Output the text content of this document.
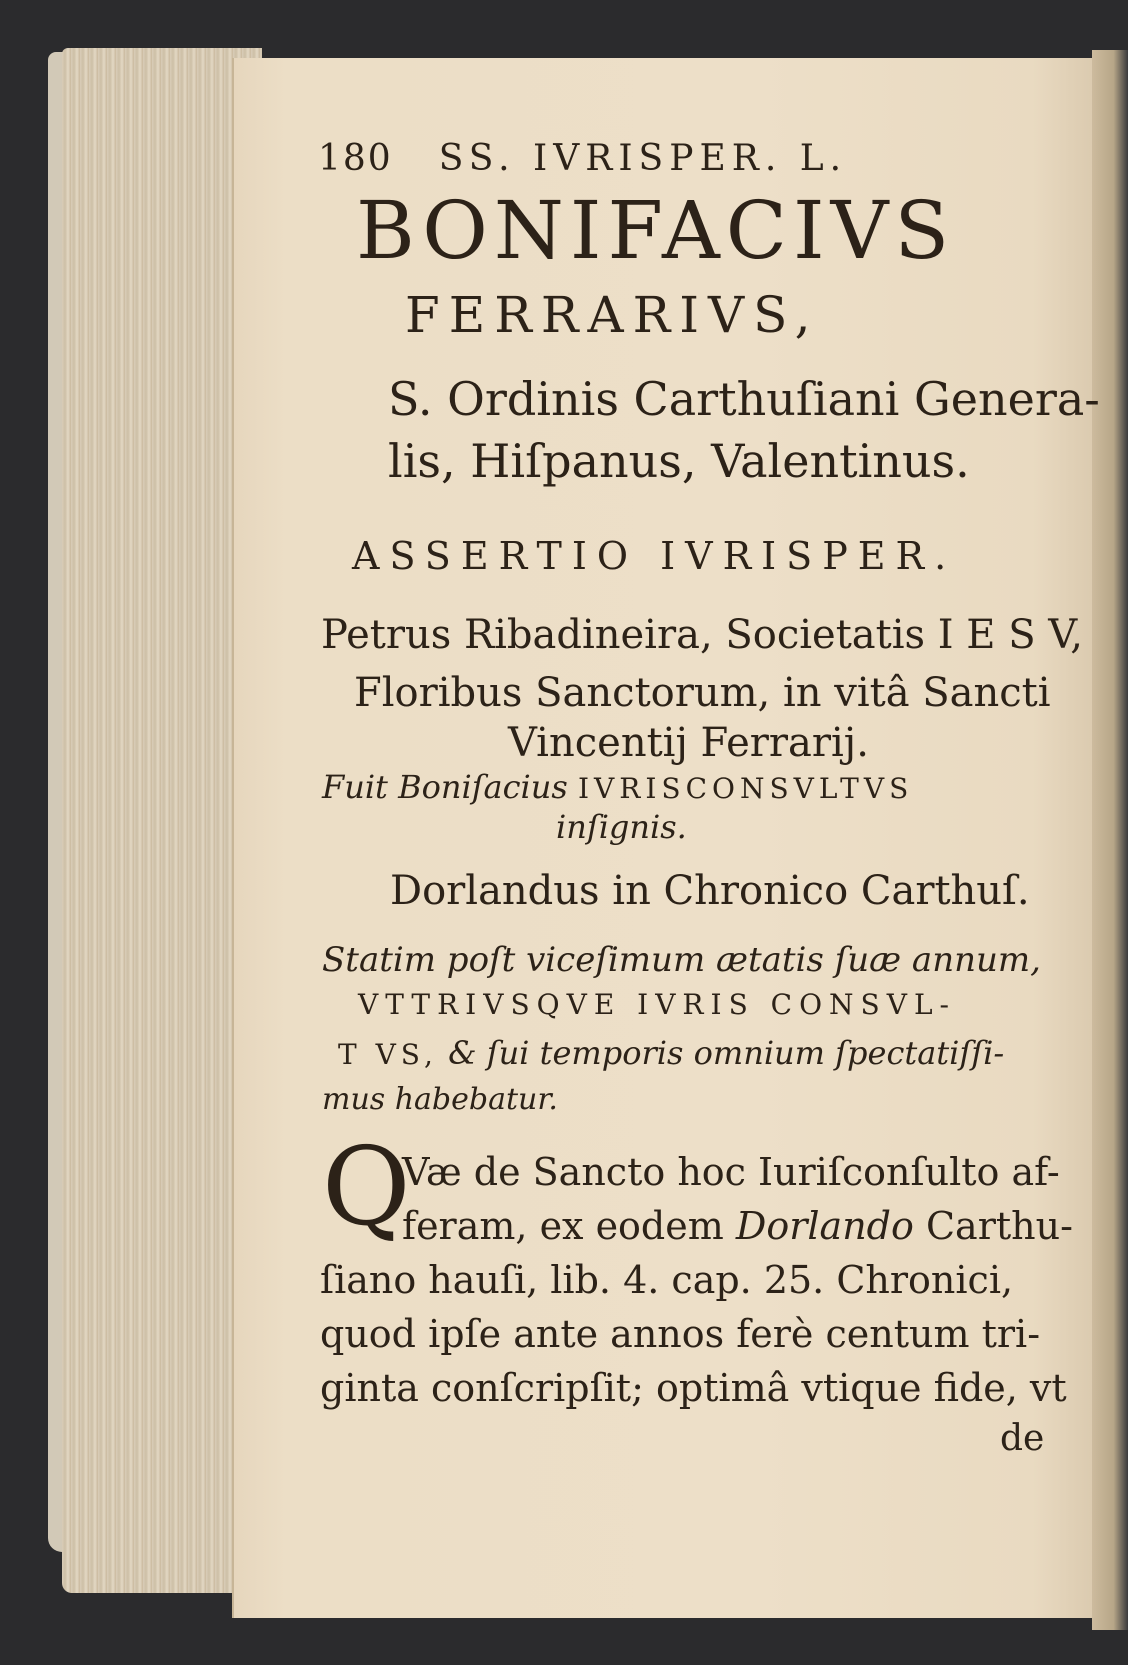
180 SS. IVRISPER. L.
BONIFACIVS
FERRARIVS,
S. Ordinis Carthuſiani Genera-
lis, Hiſpanus, Valentinus.
ASSERTIO IVRISPER.
Petrus Ribadineira, Societatis I E S V,
Floribus Sanctorum, in vitâ Sancti
Vincentij Ferrarij.
Fuit Boniſacius IVRISCONSVLTVS
inſignis.
Dorlandus in Chronico Carthuſ.
Statim poſt viceſimum ætatis ſuæ annum,
VTTRIVSQVE IVRIS CONSVL-
T VS, & ſui temporis omnium ſpectatiſſi-
mus habebatur.
Q
Væ de Sancto hoc Iuriſconſulto af-
feram, ex eodem Dorlando Carthu-
ſiano hauſi, lib. 4. cap. 25. Chronici,
quod ipſe ante annos ferè centum tri-
ginta conſcripſit; optimâ vtique fide, vt
de
